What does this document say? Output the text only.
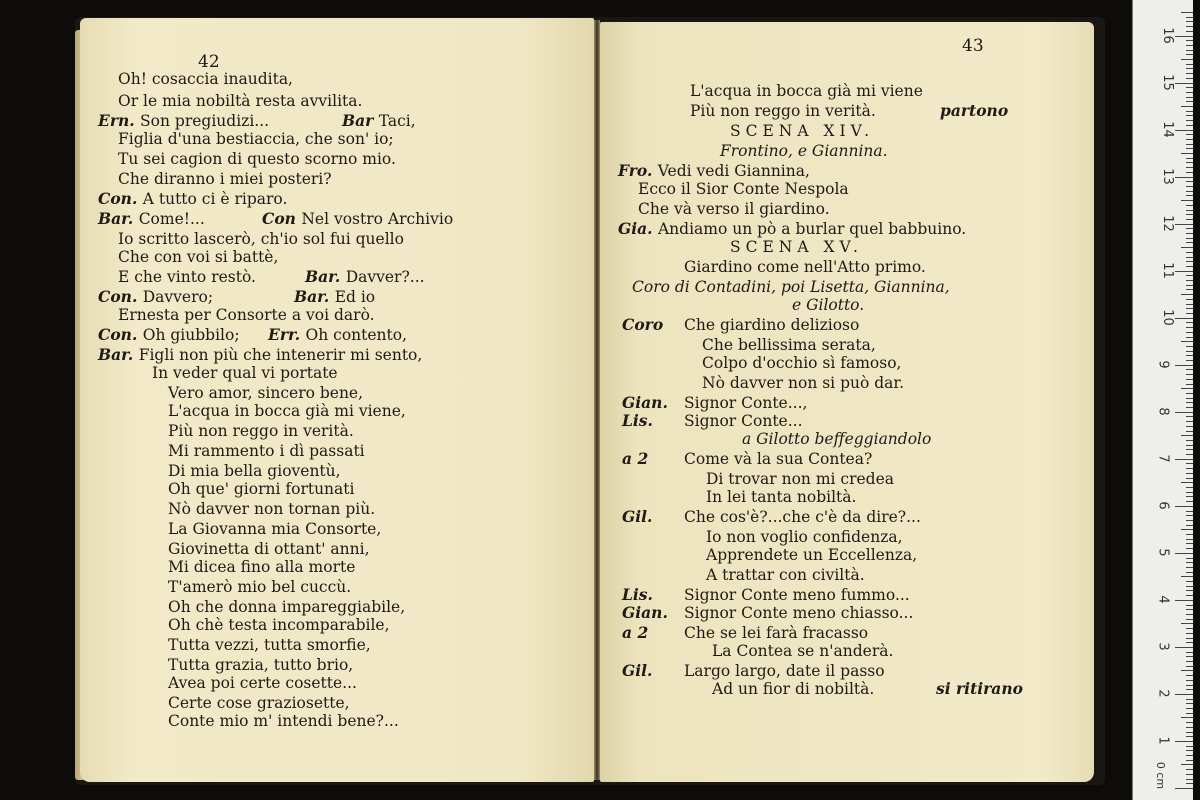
42
Oh! cosaccia inaudita,
Or le mia nobiltà resta avvilita.
Ern. Son pregiudizi...	Bar Taci,
Figlia d'una bestiaccia, che son' io;
Tu sei cagion di questo scorno mio.
Che diranno i miei posteri?
Con. A tutto ci è riparo.
Bar. Come!...	Con Nel vostro Archivio
Io scritto lascerò, ch'io sol fui quello
Che con voi si battè,
E che vinto restò.	Bar. Davver?...
Con. Davvero;	Bar. Ed io
Ernesta per Consorte a voi darò.
Con. Oh giubbilo; Err. Oh contento,
Bar. Figli non più che intenerir mi sento,
In veder qual vi portate
Vero amor, sincero bene,
L'acqua in bocca già mi viene,
Più non reggo in verità.
Mi rammento i dì passati
Di mia bella gioventù,
Oh que' giorni fortunati
Nò davver non tornan più.
La Giovanna mia Consorte,
Giovinetta di ottant' anni,
Mi dicea fino alla morte
T'amerò mio bel cuccù.
Oh che donna impareggiabile,
Oh chè testa incomparabile,
Tutta vezzi, tutta smorfie,
Tutta grazia, tutto brio,
Avea poi certe cosette...
Certe cose graziosette,
Conte mio m' intendi bene?...
43
L'acqua in bocca già mi viene
Più non reggo in verità.	partono
SCENA XIV.
Frontino, e Giannina.
Fro. Vedi vedi Giannina,
Ecco il Sior Conte Nespola
Che và verso il giardino.
Gia. Andiamo un pò a burlar quel babbuino.
SCENA XV.
Giardino come nell'Atto primo.
Coro di Contadini, poi Lisetta, Giannina,
e Gilotto.
Coro Che giardino delizioso
Che bellissima serata,
Colpo d'occhio sì famoso,
Nò davver non si può dar.
Gian. Signor Conte...,
Lis. Signor Conte...
a Gilotto beffeggiandolo
a 2 Come và la sua Contea?
Di trovar non mi credea
In lei tanta nobiltà.
Gil. Che cos'è?...che c'è da dire?...
Io non voglio confidenza,
Apprendete un Eccellenza,
A trattar con civiltà.
Lis. Signor Conte meno fummo...
Gian. Signor Conte meno chiasso...
a 2 Che se lei farà fracasso
La Contea se n'anderà.
Gil. Largo largo, date il passo
Ad un fior di nobiltà.	si ritirano
0 cm
1
2
3
4
5
6
7
8
9
10
11
12
13
14
15
16
